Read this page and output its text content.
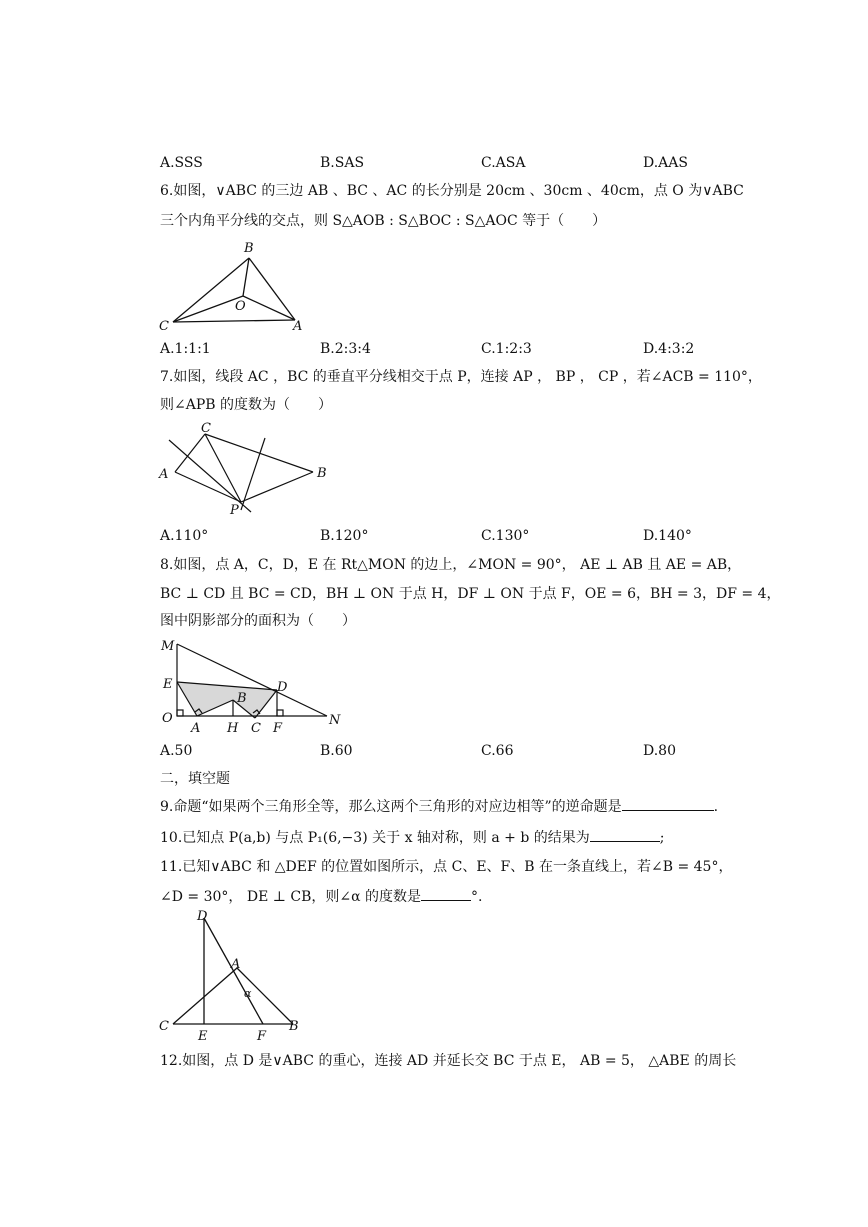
A.SSS	B.SAS	C.ASA	D.AAS
6.如图，∨ABC 的三边 AB 、BC 、AC 的长分别是 20cm 、30cm 、40cm，点 O 为∨ABC
三个内角平分线的交点，则 S△AOB : S△BOC : S△AOC 等于（　　）
B
O
C	A
A.1:1:1	B.2:3:4	C.1:2:3	D.4:3:2
7.如图，线段 AC ，BC 的垂直平分线相交于点 P，连接 AP ， BP ， CP ，若∠ACB = 110°，
则∠APB 的度数为（　　）
C
A	B
P
A.110°	B.120°	C.130°	D.140°
8.如图，点 A，C，D，E 在 Rt△MON 的边上，∠MON = 90°， AE ⊥ AB 且 AE = AB，
BC ⊥ CD 且 BC = CD，BH ⊥ ON 于点 H，DF ⊥ ON 于点 F，OE = 6，BH = 3，DF = 4，
图中阴影部分的面积为（　　）
M
E	D
B
O
A H C F
N
A.50	B.60	C.66	D.80
二，填空题
9.命题“如果两个三角形全等，那么这两个三角形的对应边相等”的逆命题是	.
10.已知点 P(a,b) 与点 P₁(6,−3) 关于 x 轴对称，则 a + b 的结果为	;
11.已知∨ABC 和 △DEF 的位置如图所示，点 C、E、F、B 在一条直线上，若∠B = 45°，
∠D = 30°， DE ⊥ CB，则∠α 的度数是	°.
D
A
α
C
E	F
B
12.如图，点 D 是∨ABC 的重心，连接 AD 并延长交 BC 于点 E， AB = 5， △ABE 的周长
